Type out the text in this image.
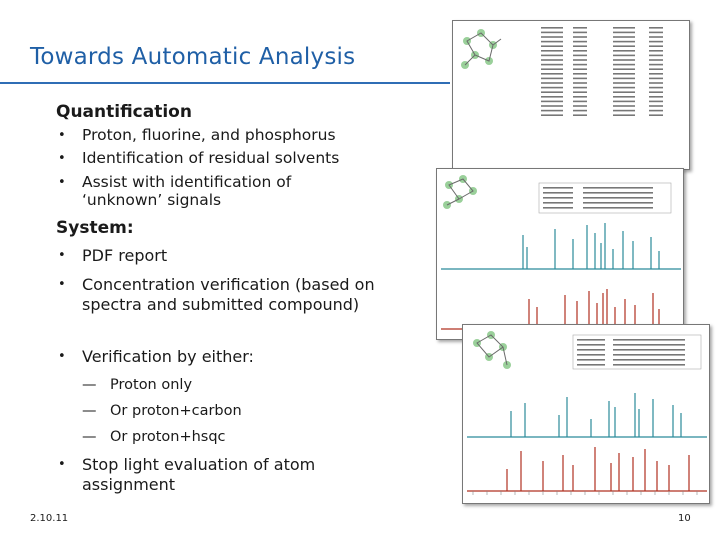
Towards Automatic Analysis
Quantification
•	Proton, fluorine, and phosphorus
•	Identification of residual solvents
•	Assist with identification of ‘unknown’ signals
System:
•	PDF report
•	Concentration verification (based on spectra and submitted compound)
•	Verification by either:
— Proton only
— Or proton+carbon
— Or proton+hsqc
•	Stop light evaluation of atom assignment
2.10.11	10
